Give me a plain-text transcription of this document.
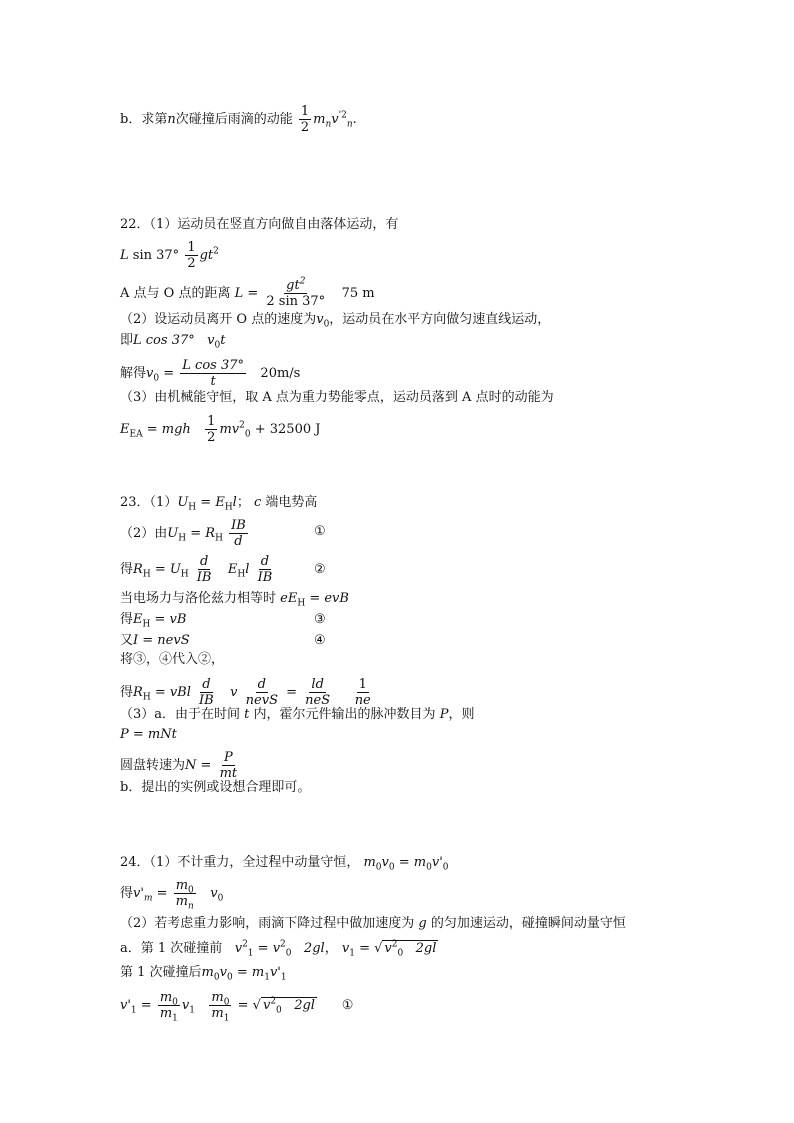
b．求第n次碰撞后雨滴的动能 $\frac{1}{2} m_nv^{'2}_n$.
22．（1）运动员在竖直方向做自由落体运动，有
L $\sin 37^\circ \frac{1}{2} gt^2$
A 点与 O 点的距离 $L = \frac{gt^2}{2 \sin 37^\circ} 75$ m
（2）设运动员离开 O 点的速度为$v_0$，运动员在水平方向做匀速直线运动，
即L cos 37° $v_0t$
解得$v_0 = \frac{\text{L cos 37°}}{t} 20m/s$
（3）由机械能守恒，取 A 点为重力势能零点，运动员落到 A 点时的动能为
$E_{EA}$ = mgh $\frac{1}{2} mv^2_0 + 32500$ J
23．$(1)U_H = E_Hl$； c 端电势高
（2）由$U_H = R_H \frac{IB}{d}$	①
得$R_H = U_H \frac{d}{IB} E_Hl \frac{d}{IB}$	②
当电场力与洛伦兹力相等时 $eE_H$ = evB
得$E_H$ = vB	③
又I = nevS	④
将③，④代入②，
得$R_H$ = vBl $\frac{d}{IB}$ v $\frac{d}{\text{nevS}} = \frac{ld}{\text{neS}}$
$\frac{1}{ne}$
（3）a．由于在时间 t 内，霍尔元件输出的脉冲数目为 P，则
P = mNt
圆盘转速为$N = \frac{P}{mt}$
b．提出的实例或设想合理即可。
24．（1）不计重力，全过程中动量守恒， $m_0v_0 = m_0v'_0$
得$v'_m = \frac{m_0}{m_n} v_0$
（2）若考虑重力影响，雨滴下降过程中做加速度为 g 的匀加速运动，碰撞瞬间动量守恒
a．第 1 次碰撞前 $v^2_1 = v^2_0$ 2gl， $v_1$ = √ $v^2_0$ 2gl
第 1 次碰撞后$m_0v_0 = m_1v'_1$
$v'_1 = \frac{m_0}{m_1} v_1 \frac{m_0}{m_1}$ = √ $v^2_0$ 2gl ①
